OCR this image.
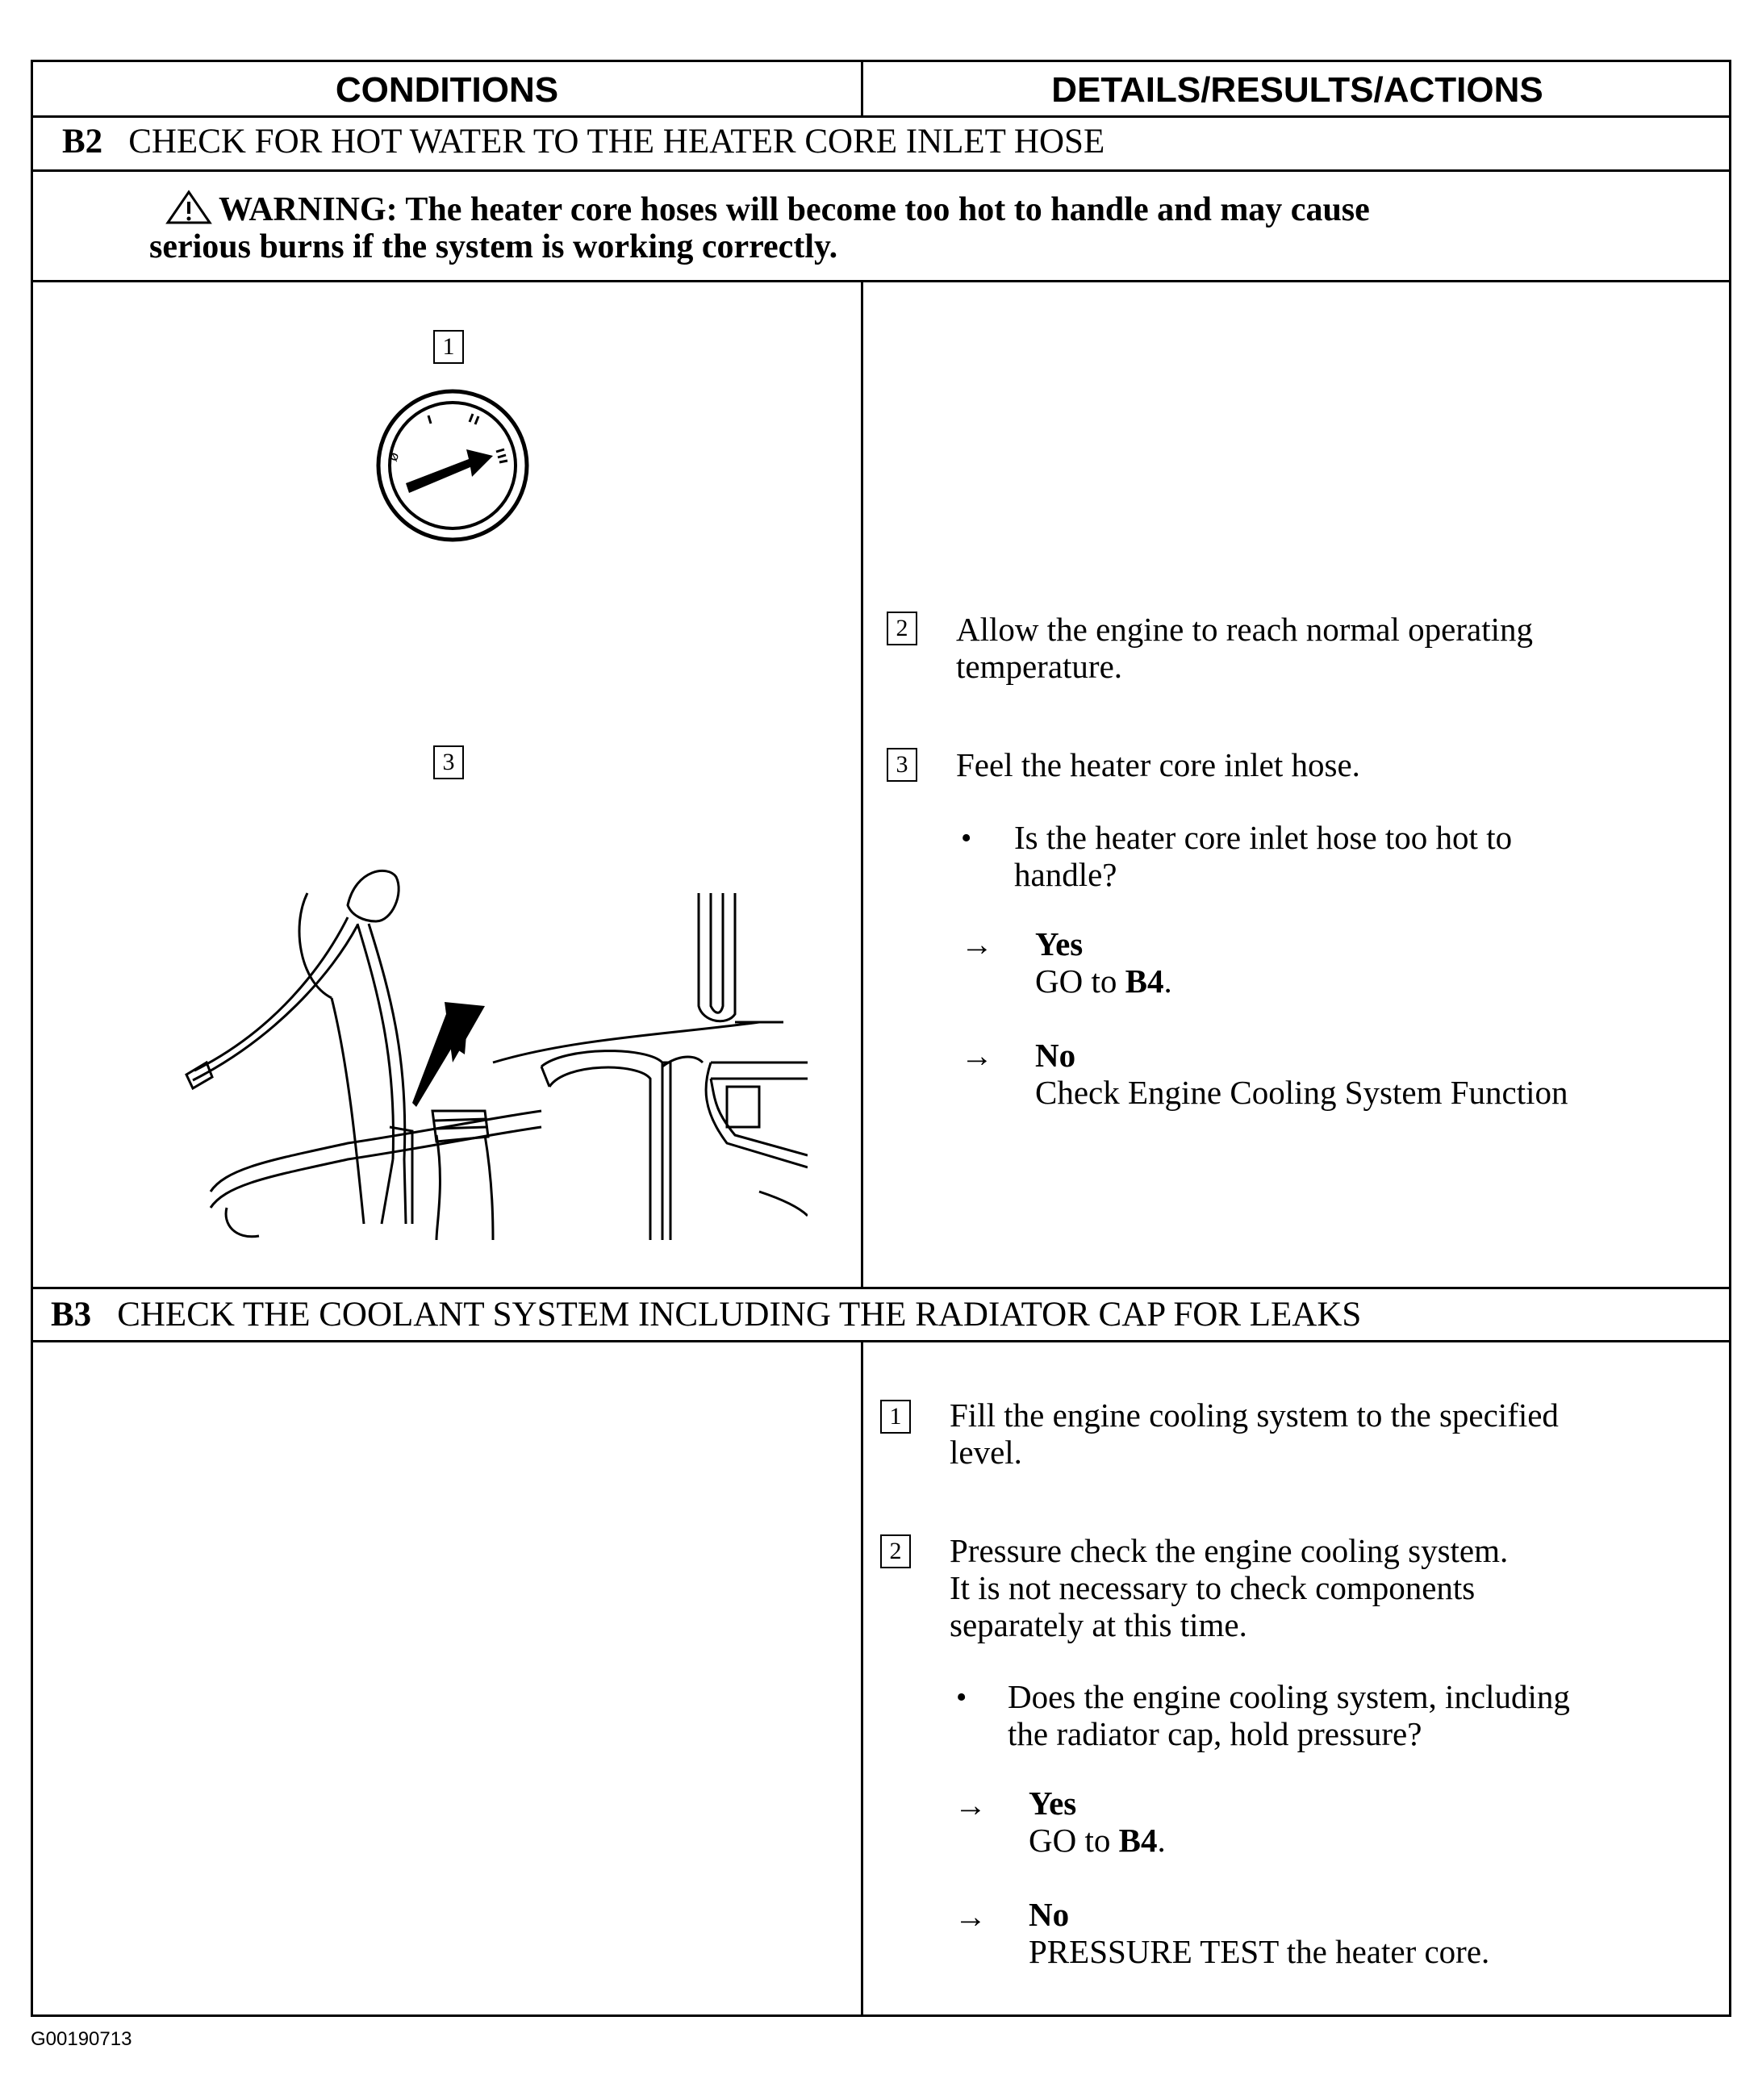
CONDITIONS	DETAILS/RESULTS/ACTIONS
B2 CHECK FOR HOT WATER TO THE HEATER CORE INLET HOSE
WARNING: The heater core hoses will become too hot to handle and may cause
serious burns if the system is working correctly.
1
ø
3
2 Allow the engine to reach normal operating
temperature.
3 Feel the heater core inlet hose.
• Is the heater core inlet hose too hot to
handle?
→ Yes
GO to B4.
→ No
Check Engine Cooling System Function
B3 CHECK THE COOLANT SYSTEM INCLUDING THE RADIATOR CAP FOR LEAKS
1 Fill the engine cooling system to the specified
level.
2 Pressure check the engine cooling system.
It is not necessary to check components
separately at this time.
• Does the engine cooling system, including
the radiator cap, hold pressure?
→ Yes
GO to B4.
→ No
PRESSURE TEST the heater core.
G00190713
